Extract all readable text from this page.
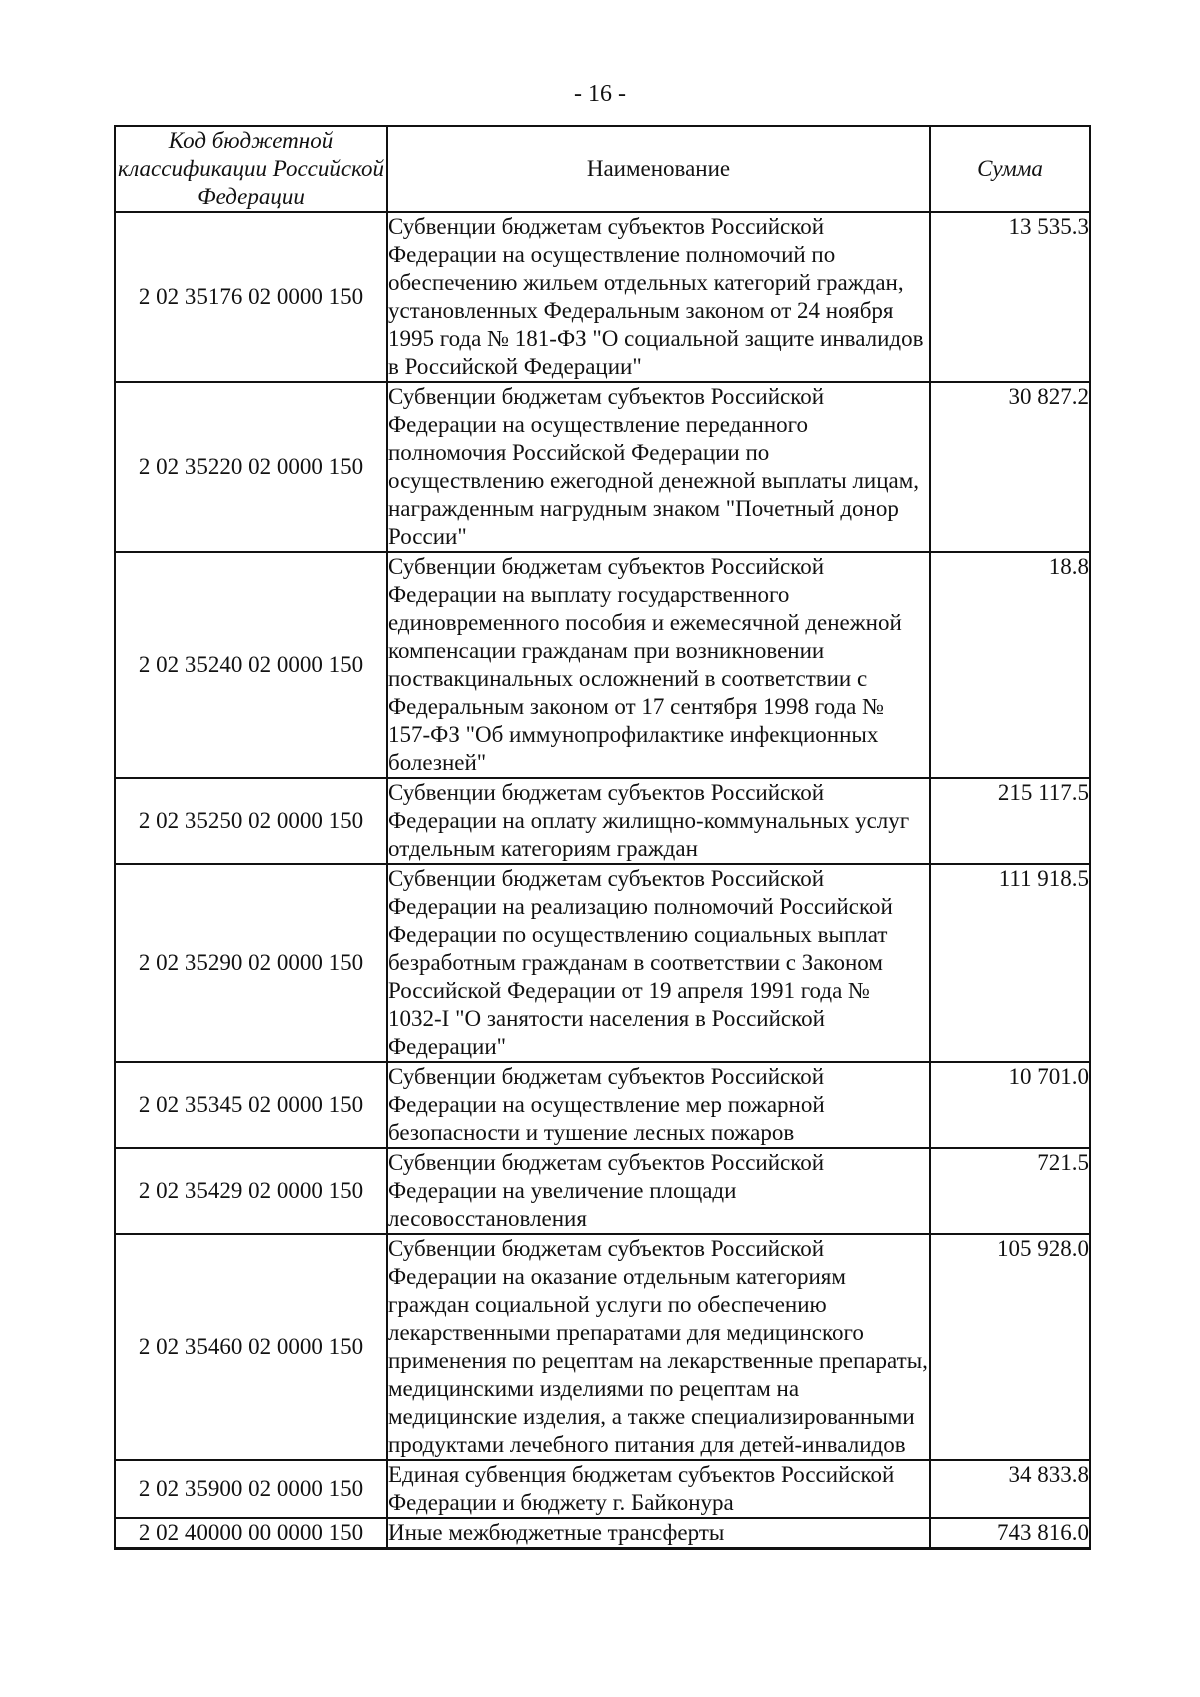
- 16 -
Код бюджетной классификации Российской Федерации	Наименование	Сумма
2 02 35176 02 0000 150	Субвенции бюджетам субъектов Российской Федерации на осуществление полномочий по обеспечению жильем отдельных категорий граждан, установленных Федеральным законом от 24 ноября 1995 года № 181-ФЗ "О социальной защите инвалидов в Российской Федерации"	13 535.3
2 02 35220 02 0000 150	Субвенции бюджетам субъектов Российской Федерации на осуществление переданного полномочия Российской Федерации по осуществлению ежегодной денежной выплаты лицам, награжденным нагрудным знаком "Почетный донор России"	30 827.2
2 02 35240 02 0000 150	Субвенции бюджетам субъектов Российской Федерации на выплату государственного единовременного пособия и ежемесячной денежной компенсации гражданам при возникновении поствакцинальных осложнений в соответствии с Федеральным законом от 17 сентября 1998 года № 157-ФЗ "Об иммунопрофилактике инфекционных болезней"	18.8
2 02 35250 02 0000 150	Субвенции бюджетам субъектов Российской Федерации на оплату жилищно-коммунальных услуг отдельным категориям граждан	215 117.5
2 02 35290 02 0000 150	Субвенции бюджетам субъектов Российской Федерации на реализацию полномочий Российской Федерации по осуществлению социальных выплат безработным гражданам в соответствии с Законом Российской Федерации от 19 апреля 1991 года № 1032-I "О занятости населения в Российской Федерации"	111 918.5
2 02 35345 02 0000 150	Субвенции бюджетам субъектов Российской Федерации на осуществление мер пожарной безопасности и тушение лесных пожаров	10 701.0
2 02 35429 02 0000 150	Субвенции бюджетам субъектов Российской Федерации на увеличение площади лесовосстановления	721.5
2 02 35460 02 0000 150	Субвенции бюджетам субъектов Российской Федерации на оказание отдельным категориям граждан социальной услуги по обеспечению лекарственными препаратами для медицинского применения по рецептам на лекарственные препараты, медицинскими изделиями по рецептам на медицинские изделия, а также специализированными продуктами лечебного питания для детей-инвалидов	105 928.0
2 02 35900 02 0000 150	Единая субвенция бюджетам субъектов Российской Федерации и бюджету г. Байконура	34 833.8
2 02 40000 00 0000 150	Иные межбюджетные трансферты	743 816.0
